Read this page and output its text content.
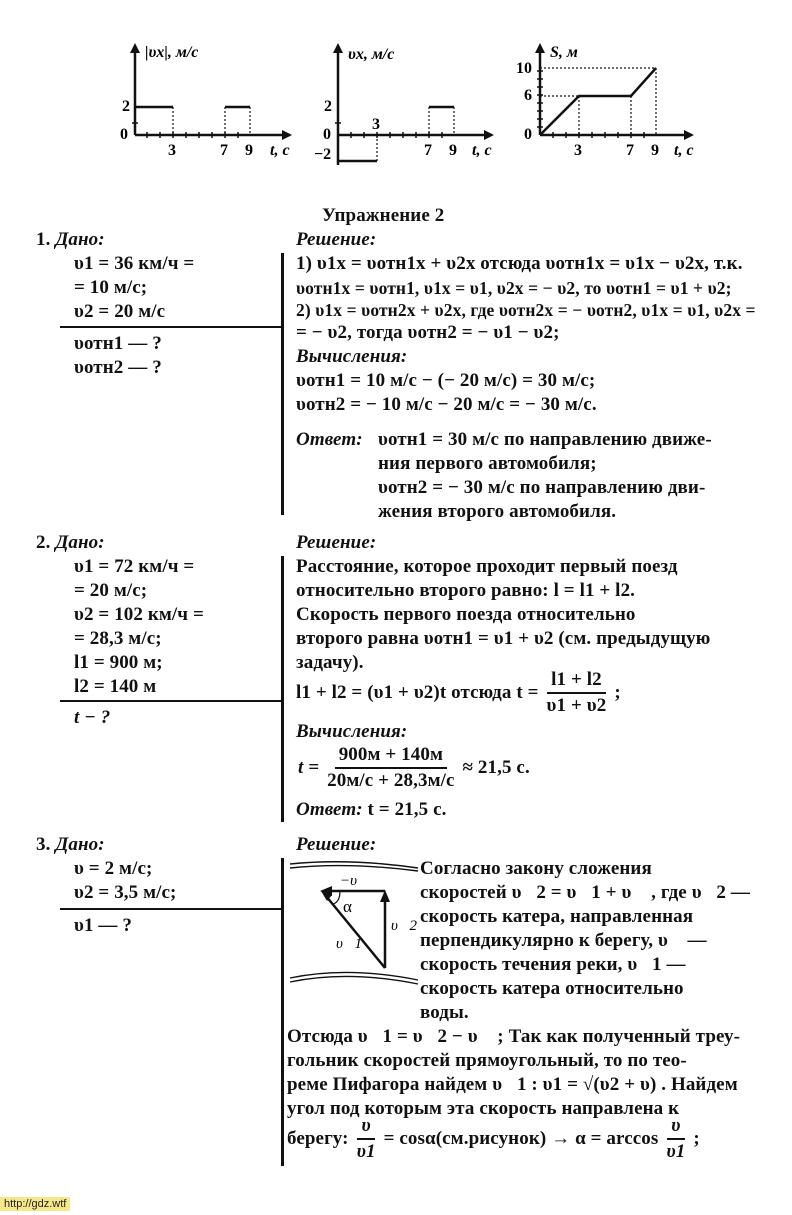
|υx|, м/с
2
0
3	7 9 t, с
υx, м/с
2
3
0
−2	7 9 t, с
S, м
10
6
0
3	7 9 t, с
Упражнение 2
1. Дано:	Решение:
υ1 = 36 км/ч =
= 10 м/с;
υ2 = 20 м/с
υотн1 — ?
υотн2 — ?
1) υ1x = υотн1x + υ2x отсюда υотн1x = υ1x − υ2x, т.к.
υотн1x = υотн1, υ1x = υ1, υ2x = − υ2, то υотн1 = υ1 + υ2;
2) υ1x = υотн2x + υ2x, где υотн2x = − υотн2, υ1x = υ1, υ2x =
= − υ2, тогда υотн2 = − υ1 − υ2;
Вычисления:
υотн1 = 10 м/с − (− 20 м/с) = 30 м/с;
υотн2 = − 10 м/с − 20 м/с = − 30 м/с.
Ответ: υотн1 = 30 м/с по направлению движе-
ния первого автомобиля;
υотн2 = − 30 м/с по направлению дви-
жения второго автомобиля.
2. Дано:	Решение:
υ1 = 72 км/ч =
= 20 м/с;
υ2 = 102 км/ч =
= 28,3 м/с;
l1 = 900 м;
l2 = 140 м
t − ?
Расстояние, которое проходит первый поезд
относительно второго равно: l = l1 + l2.
Скорость первого поезда относительно
второго равна υотн1 = υ1 + υ2 (см. предыдущую
задачу).
l1 + l2 = (υ1 + υ2)t отсюда $t = \frac{l1 + l2}{\upsilon 1 + \upsilon 2}$ ;
Вычисления:
$t = \frac{900м + 140м}{20м/с + 28,3м/с} \approx 21,5$ с.
Ответ: t = 21,5 с.
3. Дано:	Решение:
υ = 2 м/с;
υ2 = 3,5 м/с;
υ1 — ?
−υ⃗
α
υ⃗1
υ⃗2
Согласно закону сложения
скоростей υ⃗2 = υ⃗1 + υ⃗ , где υ⃗2 —
скорость катера, направленная
перпендикулярно к берегу, υ⃗ —
скорость течения реки, υ⃗1 —
скорость катера относительно
воды.
Отсюда υ⃗1 = υ⃗2 − υ⃗ ; Так как полученный треу-
гольник скоростей прямоугольный, то по тео-
реме Пифагора найдем υ⃗1 : υ1 = √(υ2 + υ) . Найдем
угол под которым эта скорость направлена к
берегу: $\frac{\upsilon}{\upsilon 1}$ = cosα(см.рисунок) → $\alpha = \arccos \frac{\upsilon}{\upsilon 1}$ ;
http://gdz.wtf
